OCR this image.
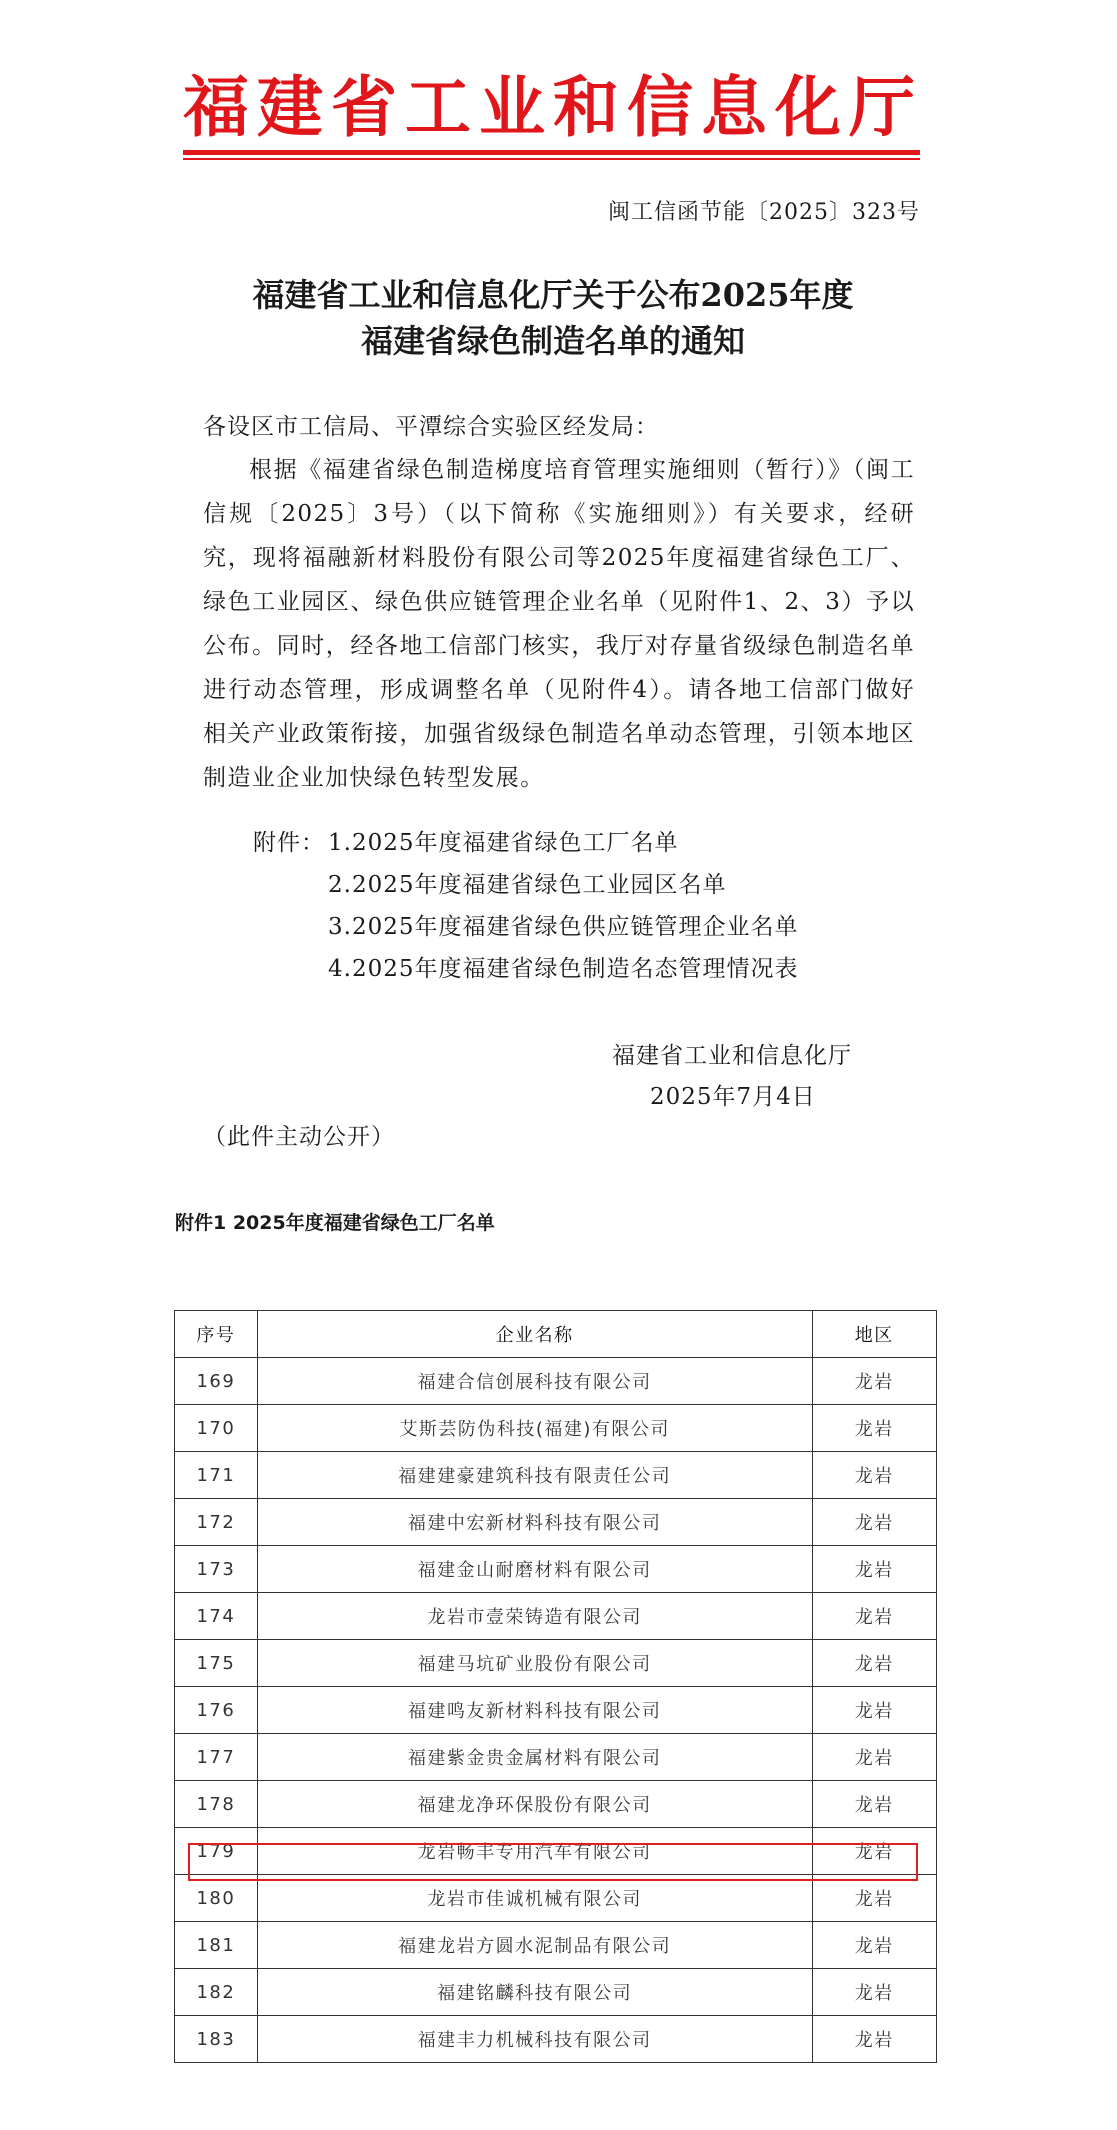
福建省工业和信息化厅
闽工信函节能〔2025〕323号
福建省工业和信息化厅关于公布2025年度
福建省绿色制造名单的通知
各设区市工信局、平潭综合实验区经发局：

根据《福建省绿色制造梯度培育管理实施细则（暂行）》（闽工信规〔2025〕3号）（以下简称《实施细则》）有关要求，经研究，现将福融新材料股份有限公司等2025年度福建省绿色工厂、绿色工业园区、绿色供应链管理企业名单（见附件1、2、3）予以公布。同时，经各地工信部门核实，我厅对存量省级绿色制造名单进行动态管理，形成调整名单（见附件4）。请各地工信部门做好相关产业政策衔接，加强省级绿色制造名单动态管理，引领本地区制造业企业加快绿色转型发展。

附件： 1.2025年度福建省绿色工厂名单
2.2025年度福建省绿色工业园区名单
3.2025年度福建省绿色供应链管理企业名单
4.2025年度福建省绿色制造名态管理情况表
福建省工业和信息化厅
2025年7月4日
（此件主动公开）
附件1 2025年度福建省绿色工厂名单
序号	企业名称	地区
169	福建合信创展科技有限公司	龙岩
170	艾斯芸防伪科技(福建)有限公司	龙岩
171	福建建豪建筑科技有限责任公司	龙岩
172	福建中宏新材料科技有限公司	龙岩
173	福建金山耐磨材料有限公司	龙岩
174	龙岩市壹荣铸造有限公司	龙岩
175	福建马坑矿业股份有限公司	龙岩
176	福建鸣友新材料科技有限公司	龙岩
177	福建紫金贵金属材料有限公司	龙岩
178	福建龙净环保股份有限公司	龙岩
179	龙岩畅丰专用汽车有限公司	龙岩
180	龙岩市佳诚机械有限公司	龙岩
181	福建龙岩方圆水泥制品有限公司	龙岩
182	福建铭麟科技有限公司	龙岩
183	福建丰力机械科技有限公司	龙岩
